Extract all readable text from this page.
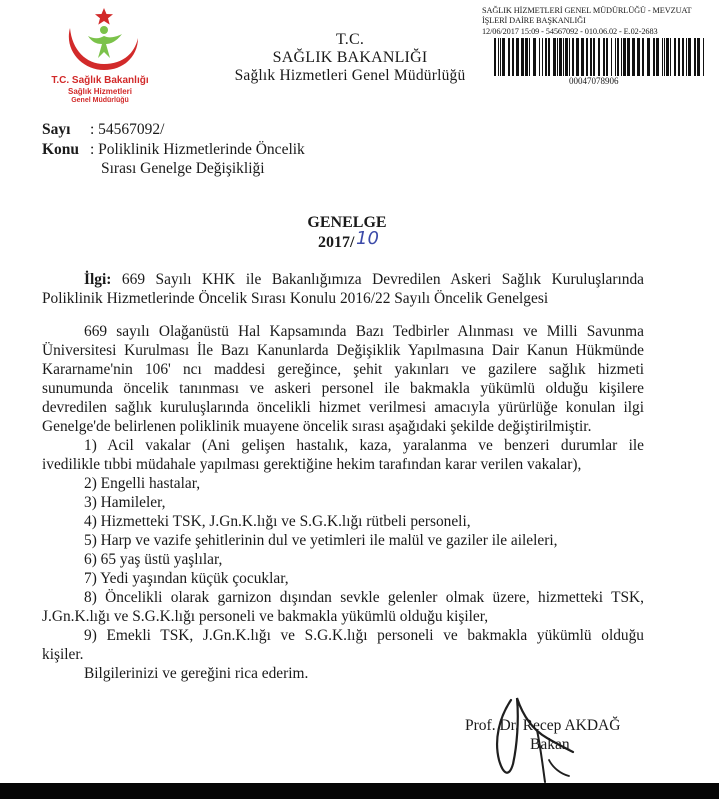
T.C. Sağlık Bakanlığı
Sağlık Hizmetleri
Genel Müdürlüğü
T.C.
SAĞLIK BAKANLIĞI
Sağlık Hizmetleri Genel Müdürlüğü
SAĞLIK HİZMETLERİ GENEL MÜDÜRLÜĞÜ - MEVZUAT
İŞLERİ DAİRE BAŞKANLIĞI
12/06/2017 15:09 - 54567092 - 010.06.02 - E.02-2683
00047078906
Sayı : 54567092/
Konu : Poliklinik Hizmetlerinde Öncelik
Sırası Genelge Değişikliği
GENELGE
2017/ 10
İlgi: 669 Sayılı KHK ile Bakanlığımıza Devredilen Askeri Sağlık Kuruluşlarında
Poliklinik Hizmetlerinde Öncelik Sırası Konulu 2016/22 Sayılı Öncelik Genelgesi
669 sayılı Olağanüstü Hal Kapsamında Bazı Tedbirler Alınması ve Milli Savunma
Üniversitesi Kurulması İle Bazı Kanunlarda Değişiklik Yapılmasına Dair Kanun Hükmünde
Kararname'nin 106' ncı maddesi gereğince, şehit yakınları ve gazilere sağlık hizmeti
sunumunda öncelik tanınması ve askeri personel ile bakmakla yükümlü olduğu kişilere
devredilen sağlık kuruluşlarında öncelikli hizmet verilmesi amacıyla yürürlüğe konulan ilgi
Genelge'de belirlenen poliklinik muayene öncelik sırası aşağıdaki şekilde değiştirilmiştir.
1) Acil vakalar (Ani gelişen hastalık, kaza, yaralanma ve benzeri durumlar ile
ivedilikle tıbbi müdahale yapılması gerektiğine hekim tarafından karar verilen vakalar),
2) Engelli hastalar,
3) Hamileler,
4) Hizmetteki TSK, J.Gn.K.lığı ve S.G.K.lığı rütbeli personeli,
5) Harp ve vazife şehitlerinin dul ve yetimleri ile malül ve gaziler ile aileleri,
6) 65 yaş üstü yaşlılar,
7) Yedi yaşından küçük çocuklar,
8) Öncelikli olarak garnizon dışından sevkle gelenler olmak üzere, hizmetteki TSK,
J.Gn.K.lığı ve S.G.K.lığı personeli ve bakmakla yükümlü olduğu kişiler,
9) Emekli TSK, J.Gn.K.lığı ve S.G.K.lığı personeli ve bakmakla yükümlü olduğu
kişiler.
Bilgilerinizi ve gereğini rica ederim.
Prof. Dr. Recep AKDAĞ
Bakan
